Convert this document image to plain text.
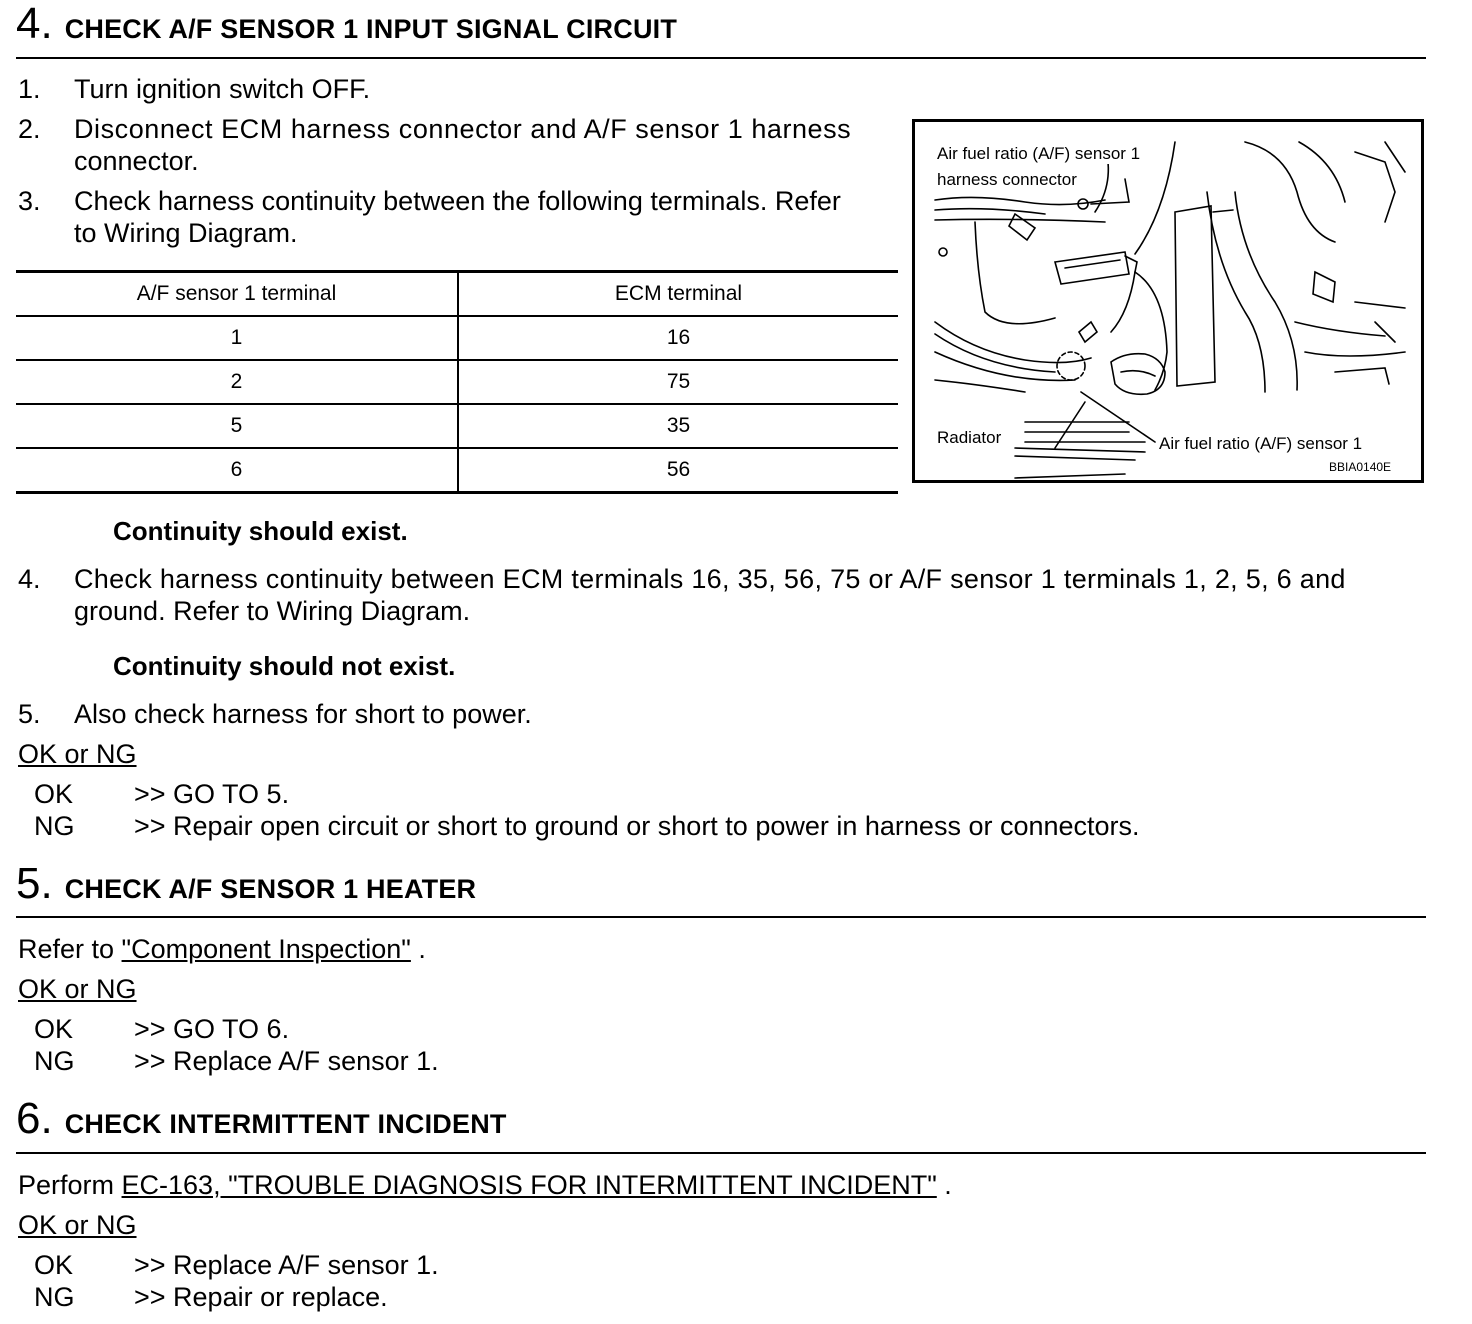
4. CHECK A/F SENSOR 1 INPUT SIGNAL CIRCUIT
1. Turn ignition switch OFF.
2. Disconnect ECM harness connector and A/F sensor 1 harness
connector.
3. Check harness continuity between the following terminals. Refer
to Wiring Diagram.
A/F sensor 1 terminal	ECM terminal
1	16
2	75
5	35
6	56
Air fuel ratio (A/F) sensor 1
harness connector
Radiator	Air fuel ratio (A/F) sensor 1
BBIA0140E
Continuity should exist.
4. Check harness continuity between ECM terminals 16, 35, 56, 75 or A/F sensor 1 terminals 1, 2, 5, 6 and
ground. Refer to Wiring Diagram.
Continuity should not exist.
5. Also check harness for short to power.
OK or NG
OK >> GO TO 5.
NG >> Repair open circuit or short to ground or short to power in harness or connectors.
5. CHECK A/F SENSOR 1 HEATER
Refer to "Component Inspection" .
OK or NG
OK >> GO TO 6.
NG >> Replace A/F sensor 1.
6. CHECK INTERMITTENT INCIDENT
Perform EC-163, "TROUBLE DIAGNOSIS FOR INTERMITTENT INCIDENT" .
OK or NG
OK >> Replace A/F sensor 1.
NG >> Repair or replace.
